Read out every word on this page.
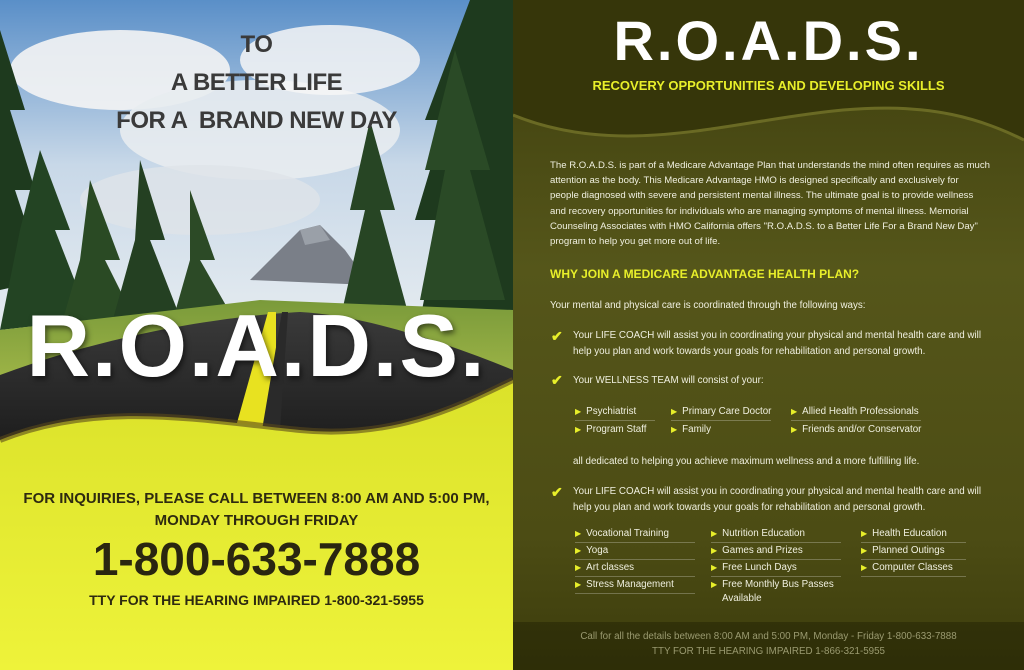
TO
A BETTER LIFE
FOR A  BRAND NEW DAY
R.O.A.D.S.
FOR INQUIRIES, PLEASE CALL BETWEEN 8:00 AM AND 5:00 PM,
MONDAY THROUGH FRIDAY
1-800-633-7888
TTY FOR THE HEARING IMPAIRED 1-800-321-5955
R.O.A.D.S.
RECOVERY OPPORTUNITIES AND DEVELOPING SKILLS
The R.O.A.D.S. is part of a Medicare Advantage Plan that understands the mind often requires as much attention as the body. This Medicare Advantage HMO is designed specifically and exclusively for people diagnosed with severe and persistent mental illness. The ultimate goal is to provide wellness and recovery opportunities for individuals who are managing symptoms of mental illness. Memorial Counseling Associates with HMO California offers "R.O.A.D.S. to a Better Life For a Brand New Day" program to help you get more out of life.
WHY JOIN A MEDICARE ADVANTAGE HEALTH PLAN?
Your mental and physical care is coordinated through the following ways:
✔ Your LIFE COACH will assist you in coordinating your physical and mental health care and will help you plan and work towards your goals for rehabilitation and personal growth.
✔ Your WELLNESS TEAM will consist of your:
▶ Psychiatrist	▶ Primary Care Doctor ▶ Allied Health Professionals
▶ Program Staff	▶ Family	▶ Friends and/or Conservator
all dedicated to helping you achieve maximum wellness and a more fulfilling life.
✔ Your LIFE COACH will assist you in coordinating your physical and mental health care and will help you plan and work towards your goals for rehabilitation and personal growth.
▶ Vocational Training	▶ Nutrition Education	▶ Health Education
▶ Yoga	▶ Games and Prizes	▶ Planned Outings
▶ Art classes	▶ Free Lunch Days	▶ Computer Classes
▶ Stress Management	▶ Free Monthly Bus Passes Available
Call for all the details between 8:00 AM and 5:00 PM, Monday - Friday 1-800-633-7888
TTY FOR THE HEARING IMPAIRED 1-866-321-5955
